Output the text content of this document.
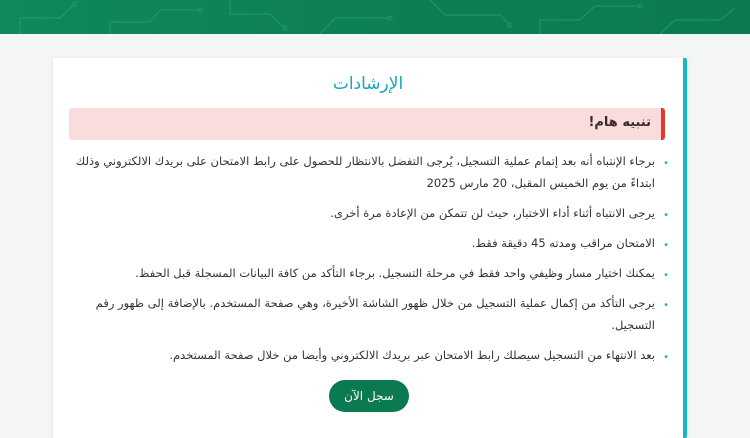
الإرشادات
تنبيه هام!
• برجاء الإنتباه أنه بعد إتمام عملية التسجيل، يُرجى التفضل بالانتظار للحصول على رابط الامتحان على بريدك الالكتروني وذلك ابتداءً من يوم الخميس المقبل، 20 مارس 2025
• يرجى الانتباه أثناء أداء الاختبار، حيث لن تتمكن من الإعادة مرة أخرى.
• الامتحان مراقب ومدته 45 دقيقة فقط.
• يمكنك اختيار مسار وظيفي واحد فقط في مرحلة التسجيل. برجاء التأكد من كافة البيانات المسجلة قبل الحفظ.
• يرجى التأكد من إكمال عملية التسجيل من خلال ظهور الشاشة الأخيرة، وهي صفحة المستخدم. بالإضافة إلى ظهور رقم التسجيل.
• بعد الانتهاء من التسجيل سيصلك رابط الامتحان عبر بريدك الالكتروني وأيضا من خلال صفحة المستخدم.
سجل الآن
